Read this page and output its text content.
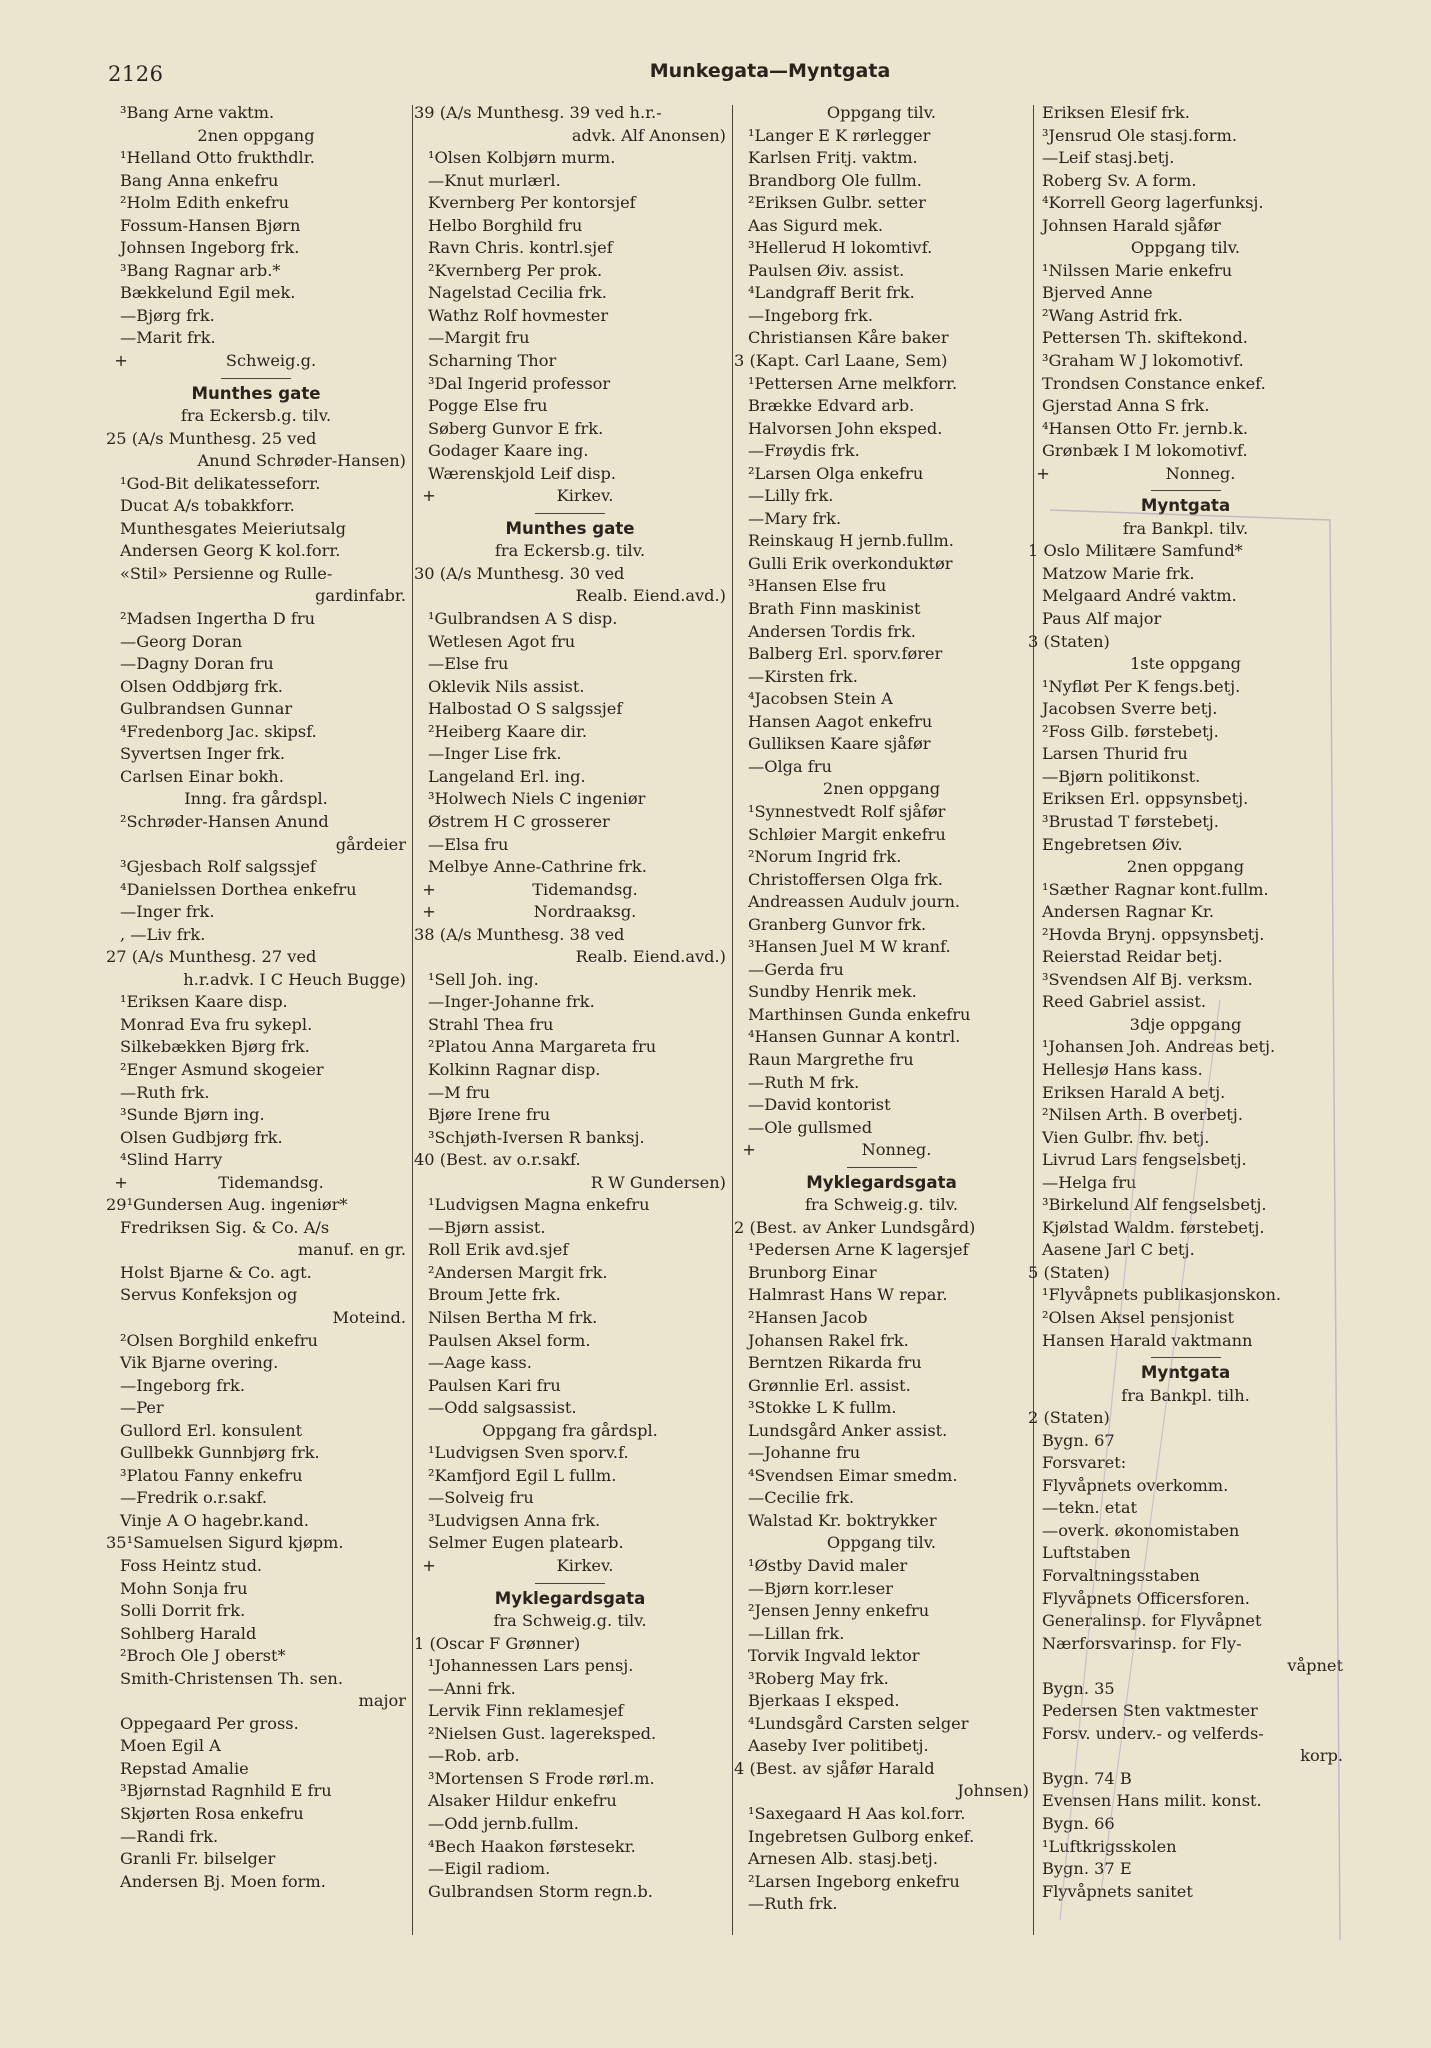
2126	Munkegata—Myntgata
³Bang Arne vaktm.
2nen oppgang
¹Helland Otto frukthdlr.
Bang Anna enkefru
²Holm Edith enkefru
Fossum-Hansen Bjørn
Johnsen Ingeborg frk.
³Bang Ragnar arb.*
Bækkelund Egil mek.
—Bjørg frk.
—Marit frk.
+	Schweig.g.
Munthes gate
fra Eckersb.g. tilv.
25 (A/s Munthesg. 25 ved
Anund Schrøder-Hansen)
¹God-Bit delikatesseforr.
Ducat A/s tobakkforr.
Munthesgates Meieriutsalg
Andersen Georg K kol.forr.
«Stil» Persienne og Rulle-
gardinfabr.
²Madsen Ingertha D fru
—Georg Doran
—Dagny Doran fru
Olsen Oddbjørg frk.
Gulbrandsen Gunnar
⁴Fredenborg Jac. skipsf.
Syvertsen Inger frk.
Carlsen Einar bokh.
Inng. fra gårdspl.
²Schrøder-Hansen Anund
gårdeier
³Gjesbach Rolf salgssjef
⁴Danielssen Dorthea enkefru
—Inger frk.
, —Liv frk.
27 (A/s Munthesg. 27 ved
h.r.advk. I C Heuch Bugge)
¹Eriksen Kaare disp.
Monrad Eva fru sykepl.
Silkebækken Bjørg frk.
²Enger Asmund skogeier
—Ruth frk.
³Sunde Bjørn ing.
Olsen Gudbjørg frk.
⁴Slind Harry
+	Tidemandsg.
29¹Gundersen Aug. ingeniør*
Fredriksen Sig. & Co. A/s
manuf. en gr.
Holst Bjarne & Co. agt.
Servus Konfeksjon og
Moteind.
²Olsen Borghild enkefru
Vik Bjarne overing.
—Ingeborg frk.
—Per
Gullord Erl. konsulent
Gullbekk Gunnbjørg frk.
³Platou Fanny enkefru
—Fredrik o.r.sakf.
Vinje A O hagebr.kand.
35¹Samuelsen Sigurd kjøpm.
Foss Heintz stud.
Mohn Sonja fru
Solli Dorrit frk.
Sohlberg Harald
²Broch Ole J oberst*
Smith-Christensen Th. sen.
major
Oppegaard Per gross.
Moen Egil A
Repstad Amalie
³Bjørnstad Ragnhild E fru
Skjørten Rosa enkefru
—Randi frk.
Granli Fr. bilselger
Andersen Bj. Moen form.
39 (A/s Munthesg. 39 ved h.r.-
advk. Alf Anonsen)
¹Olsen Kolbjørn murm.
—Knut murlærl.
Kvernberg Per kontorsjef
Helbo Borghild fru
Ravn Chris. kontrl.sjef
²Kvernberg Per prok.
Nagelstad Cecilia frk.
Wathz Rolf hovmester
—Margit fru
Scharning Thor
³Dal Ingerid professor
Pogge Else fru
Søberg Gunvor E frk.
Godager Kaare ing.
Wærenskjold Leif disp.
+	Kirkev.
Munthes gate
fra Eckersb.g. tilv.
30 (A/s Munthesg. 30 ved
Realb. Eiend.avd.)
¹Gulbrandsen A S disp.
Wetlesen Agot fru
—Else fru
Oklevik Nils assist.
Halbostad O S salgssjef
²Heiberg Kaare dir.
—Inger Lise frk.
Langeland Erl. ing.
³Holwech Niels C ingeniør
Østrem H C grosserer
—Elsa fru
Melbye Anne-Cathrine frk.
+	Tidemandsg.
+	Nordraaksg.
38 (A/s Munthesg. 38 ved
Realb. Eiend.avd.)
¹Sell Joh. ing.
—Inger-Johanne frk.
Strahl Thea fru
²Platou Anna Margareta fru
Kolkinn Ragnar disp.
—M fru
Bjøre Irene fru
³Schjøth-Iversen R banksj.
40 (Best. av o.r.sakf.
R W Gundersen)
¹Ludvigsen Magna enkefru
—Bjørn assist.
Roll Erik avd.sjef
²Andersen Margit frk.
Broum Jette frk.
Nilsen Bertha M frk.
Paulsen Aksel form.
—Aage kass.
Paulsen Kari fru
—Odd salgsassist.
Oppgang fra gårdspl.
¹Ludvigsen Sven sporv.f.
²Kamfjord Egil L fullm.
—Solveig fru
³Ludvigsen Anna frk.
Selmer Eugen platearb.
+	Kirkev.
Myklegardsgata
fra Schweig.g. tilv.
1 (Oscar F Grønner)
¹Johannessen Lars pensj.
—Anni frk.
Lervik Finn reklamesjef
²Nielsen Gust. lagereksped.
—Rob. arb.
³Mortensen S Frode rørl.m.
Alsaker Hildur enkefru
—Odd jernb.fullm.
⁴Bech Haakon førstesekr.
—Eigil radiom.
Gulbrandsen Storm regn.b.
Oppgang tilv.
¹Langer E K rørlegger
Karlsen Fritj. vaktm.
Brandborg Ole fullm.
²Eriksen Gulbr. setter
Aas Sigurd mek.
³Hellerud H lokomtivf.
Paulsen Øiv. assist.
⁴Landgraff Berit frk.
—Ingeborg frk.
Christiansen Kåre baker
3 (Kapt. Carl Laane, Sem)
¹Pettersen Arne melkforr.
Brække Edvard arb.
Halvorsen John eksped.
—Frøydis frk.
²Larsen Olga enkefru
—Lilly frk.
—Mary frk.
Reinskaug H jernb.fullm.
Gulli Erik overkonduktør
³Hansen Else fru
Brath Finn maskinist
Andersen Tordis frk.
Balberg Erl. sporv.fører
—Kirsten frk.
⁴Jacobsen Stein A
Hansen Aagot enkefru
Gulliksen Kaare sjåfør
—Olga fru
2nen oppgang
¹Synnestvedt Rolf sjåfør
Schløier Margit enkefru
²Norum Ingrid frk.
Christoffersen Olga frk.
Andreassen Audulv journ.
Granberg Gunvor frk.
³Hansen Juel M W kranf.
—Gerda fru
Sundby Henrik mek.
Marthinsen Gunda enkefru
⁴Hansen Gunnar A kontrl.
Raun Margrethe fru
—Ruth M frk.
—David kontorist
—Ole gullsmed
+	Nonneg.
Myklegardsgata
fra Schweig.g. tilv.
2 (Best. av Anker Lundsgård)
¹Pedersen Arne K lagersjef
Brunborg Einar
Halmrast Hans W repar.
²Hansen Jacob
Johansen Rakel frk.
Berntzen Rikarda fru
Grønnlie Erl. assist.
³Stokke L K fullm.
Lundsgård Anker assist.
—Johanne fru
⁴Svendsen Eimar smedm.
—Cecilie frk.
Walstad Kr. boktrykker
Oppgang tilv.
¹Østby David maler
—Bjørn korr.leser
²Jensen Jenny enkefru
—Lillan frk.
Torvik Ingvald lektor
³Roberg May frk.
Bjerkaas I eksped.
⁴Lundsgård Carsten selger
Aaseby Iver politibetj.
4 (Best. av sjåfør Harald
Johnsen)
¹Saxegaard H Aas kol.forr.
Ingebretsen Gulborg enkef.
Arnesen Alb. stasj.betj.
²Larsen Ingeborg enkefru
—Ruth frk.
Eriksen Elesif frk.
³Jensrud Ole stasj.form.
—Leif stasj.betj.
Roberg Sv. A form.
⁴Korrell Georg lagerfunksj.
Johnsen Harald sjåfør
Oppgang tilv.
¹Nilssen Marie enkefru
Bjerved Anne
²Wang Astrid frk.
Pettersen Th. skiftekond.
³Graham W J lokomotivf.
Trondsen Constance enkef.
Gjerstad Anna S frk.
⁴Hansen Otto Fr. jernb.k.
Grønbæk I M lokomotivf.
+	Nonneg.
Myntgata
fra Bankpl. tilv.
1 Oslo Militære Samfund*
Matzow Marie frk.
Melgaard André vaktm.
Paus Alf major
3 (Staten)
1ste oppgang
¹Nyfløt Per K fengs.betj.
Jacobsen Sverre betj.
²Foss Gilb. førstebetj.
Larsen Thurid fru
—Bjørn politikonst.
Eriksen Erl. oppsynsbetj.
³Brustad T førstebetj.
Engebretsen Øiv.
2nen oppgang
¹Sæther Ragnar kont.fullm.
Andersen Ragnar Kr.
²Hovda Brynj. oppsynsbetj.
Reierstad Reidar betj.
³Svendsen Alf Bj. verksm.
Reed Gabriel assist.
3dje oppgang
¹Johansen Joh. Andreas betj.
Hellesjø Hans kass.
Eriksen Harald A betj.
²Nilsen Arth. B overbetj.
Vien Gulbr. fhv. betj.
Livrud Lars fengselsbetj.
—Helga fru
³Birkelund Alf fengselsbetj.
Kjølstad Waldm. førstebetj.
Aasene Jarl C betj.
5 (Staten)
¹Flyvåpnets publikasjonskon.
²Olsen Aksel pensjonist
Hansen Harald vaktmann
Myntgata
fra Bankpl. tilh.
2 (Staten)
Bygn. 67
Forsvaret:
Flyvåpnets overkomm.
—tekn. etat
—overk. økonomistaben
Luftstaben
Forvaltningsstaben
Flyvåpnets Officersforen.
Generalinsp. for Flyvåpnet
Nærforsvarinsp. for Fly-
våpnet
Bygn. 35
Pedersen Sten vaktmester
Forsv. underv.- og velferds-
korp.
Bygn. 74 B
Evensen Hans milit. konst.
Bygn. 66
¹Luftkrigsskolen
Bygn. 37 E
Flyvåpnets sanitet
